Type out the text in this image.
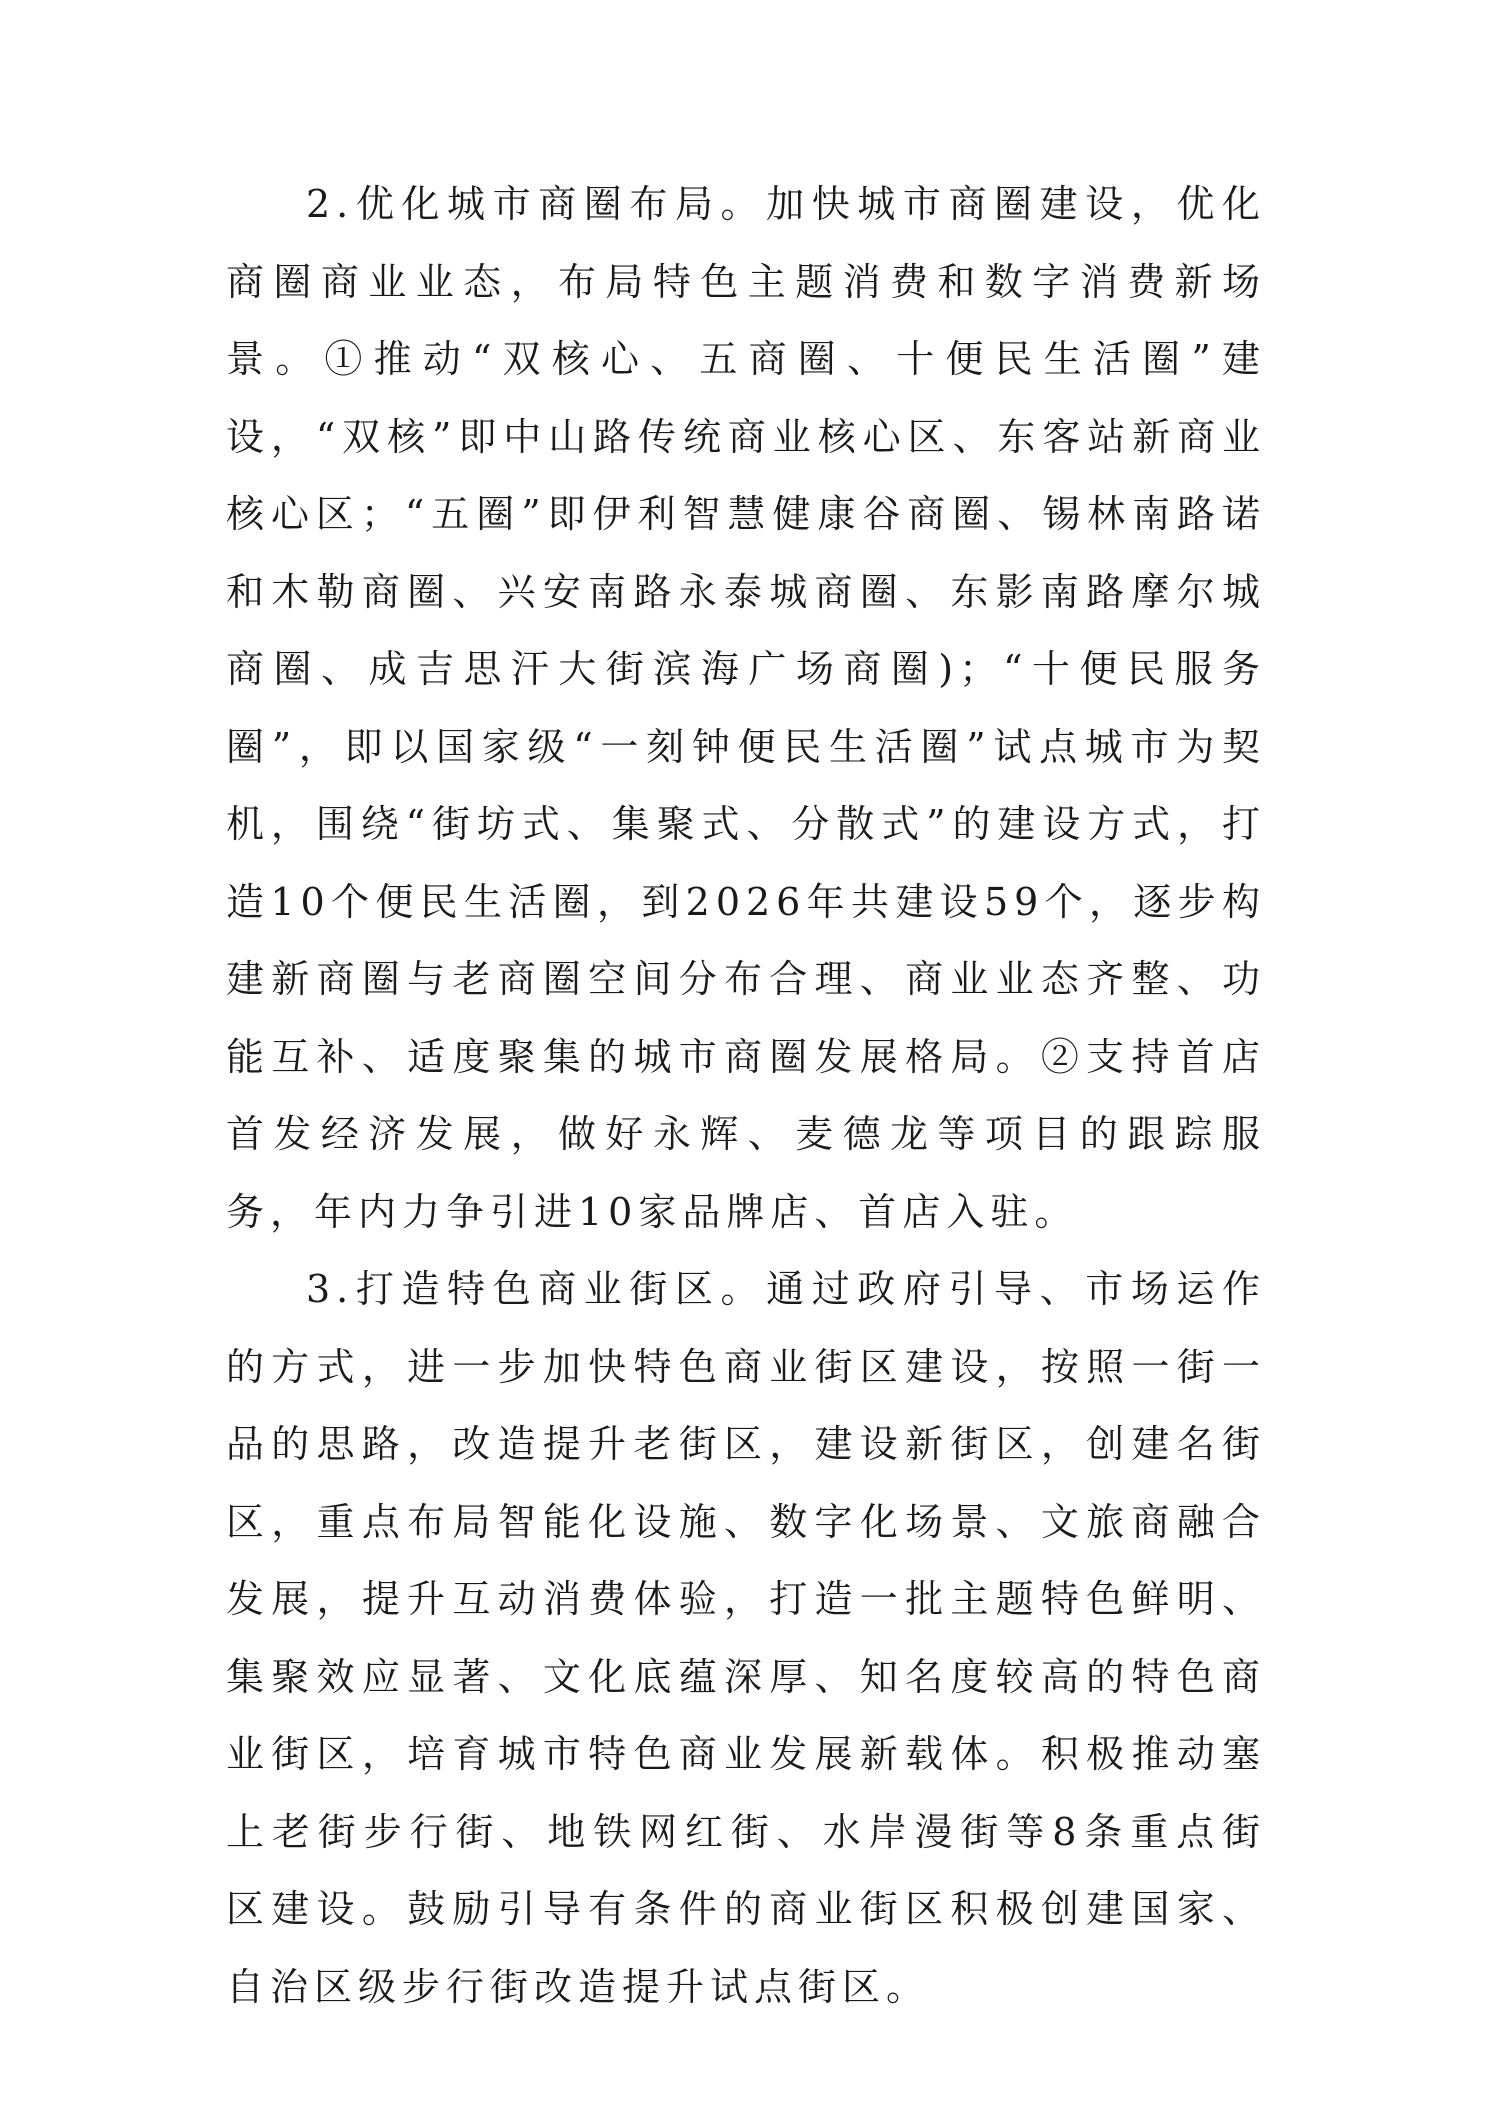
2.优化城市商圈布局。加快城市商圈建设，优化商圈商业业态，布局特色主题消费和数字消费新场景。①推动“双核心、五商圈、十便民生活圈”建设，“双核”即中山路传统商业核心区、东客站新商业核心区；“五圈”即伊利智慧健康谷商圈、锡林南路诺和木勒商圈、兴安南路永泰城商圈、东影南路摩尔城商圈、成吉思汗大街滨海广场商圈)；“十便民服务圈”，即以国家级“一刻钟便民生活圈”试点城市为契机，围绕“街坊式、集聚式、分散式”的建设方式，打造10个便民生活圈，到2026年共建设59个，逐步构建新商圈与老商圈空间分布合理、商业业态齐整、功能互补、适度聚集的城市商圈发展格局。②支持首店首发经济发展，做好永辉、麦德龙等项目的跟踪服务，年内力争引进10家品牌店、首店入驻。

3.打造特色商业街区。通过政府引导、市场运作的方式，进一步加快特色商业街区建设，按照一街一品的思路，改造提升老街区，建设新街区，创建名街区，重点布局智能化设施、数字化场景、文旅商融合发展，提升互动消费体验，打造一批主题特色鲜明、集聚效应显著、文化底蕴深厚、知名度较高的特色商业街区，培育城市特色商业发展新载体。积极推动塞上老街步行街、地铁网红街、水岸漫街等8条重点街区建设。鼓励引导有条件的商业街区积极创建国家、自治区级步行街改造提升试点街区。
